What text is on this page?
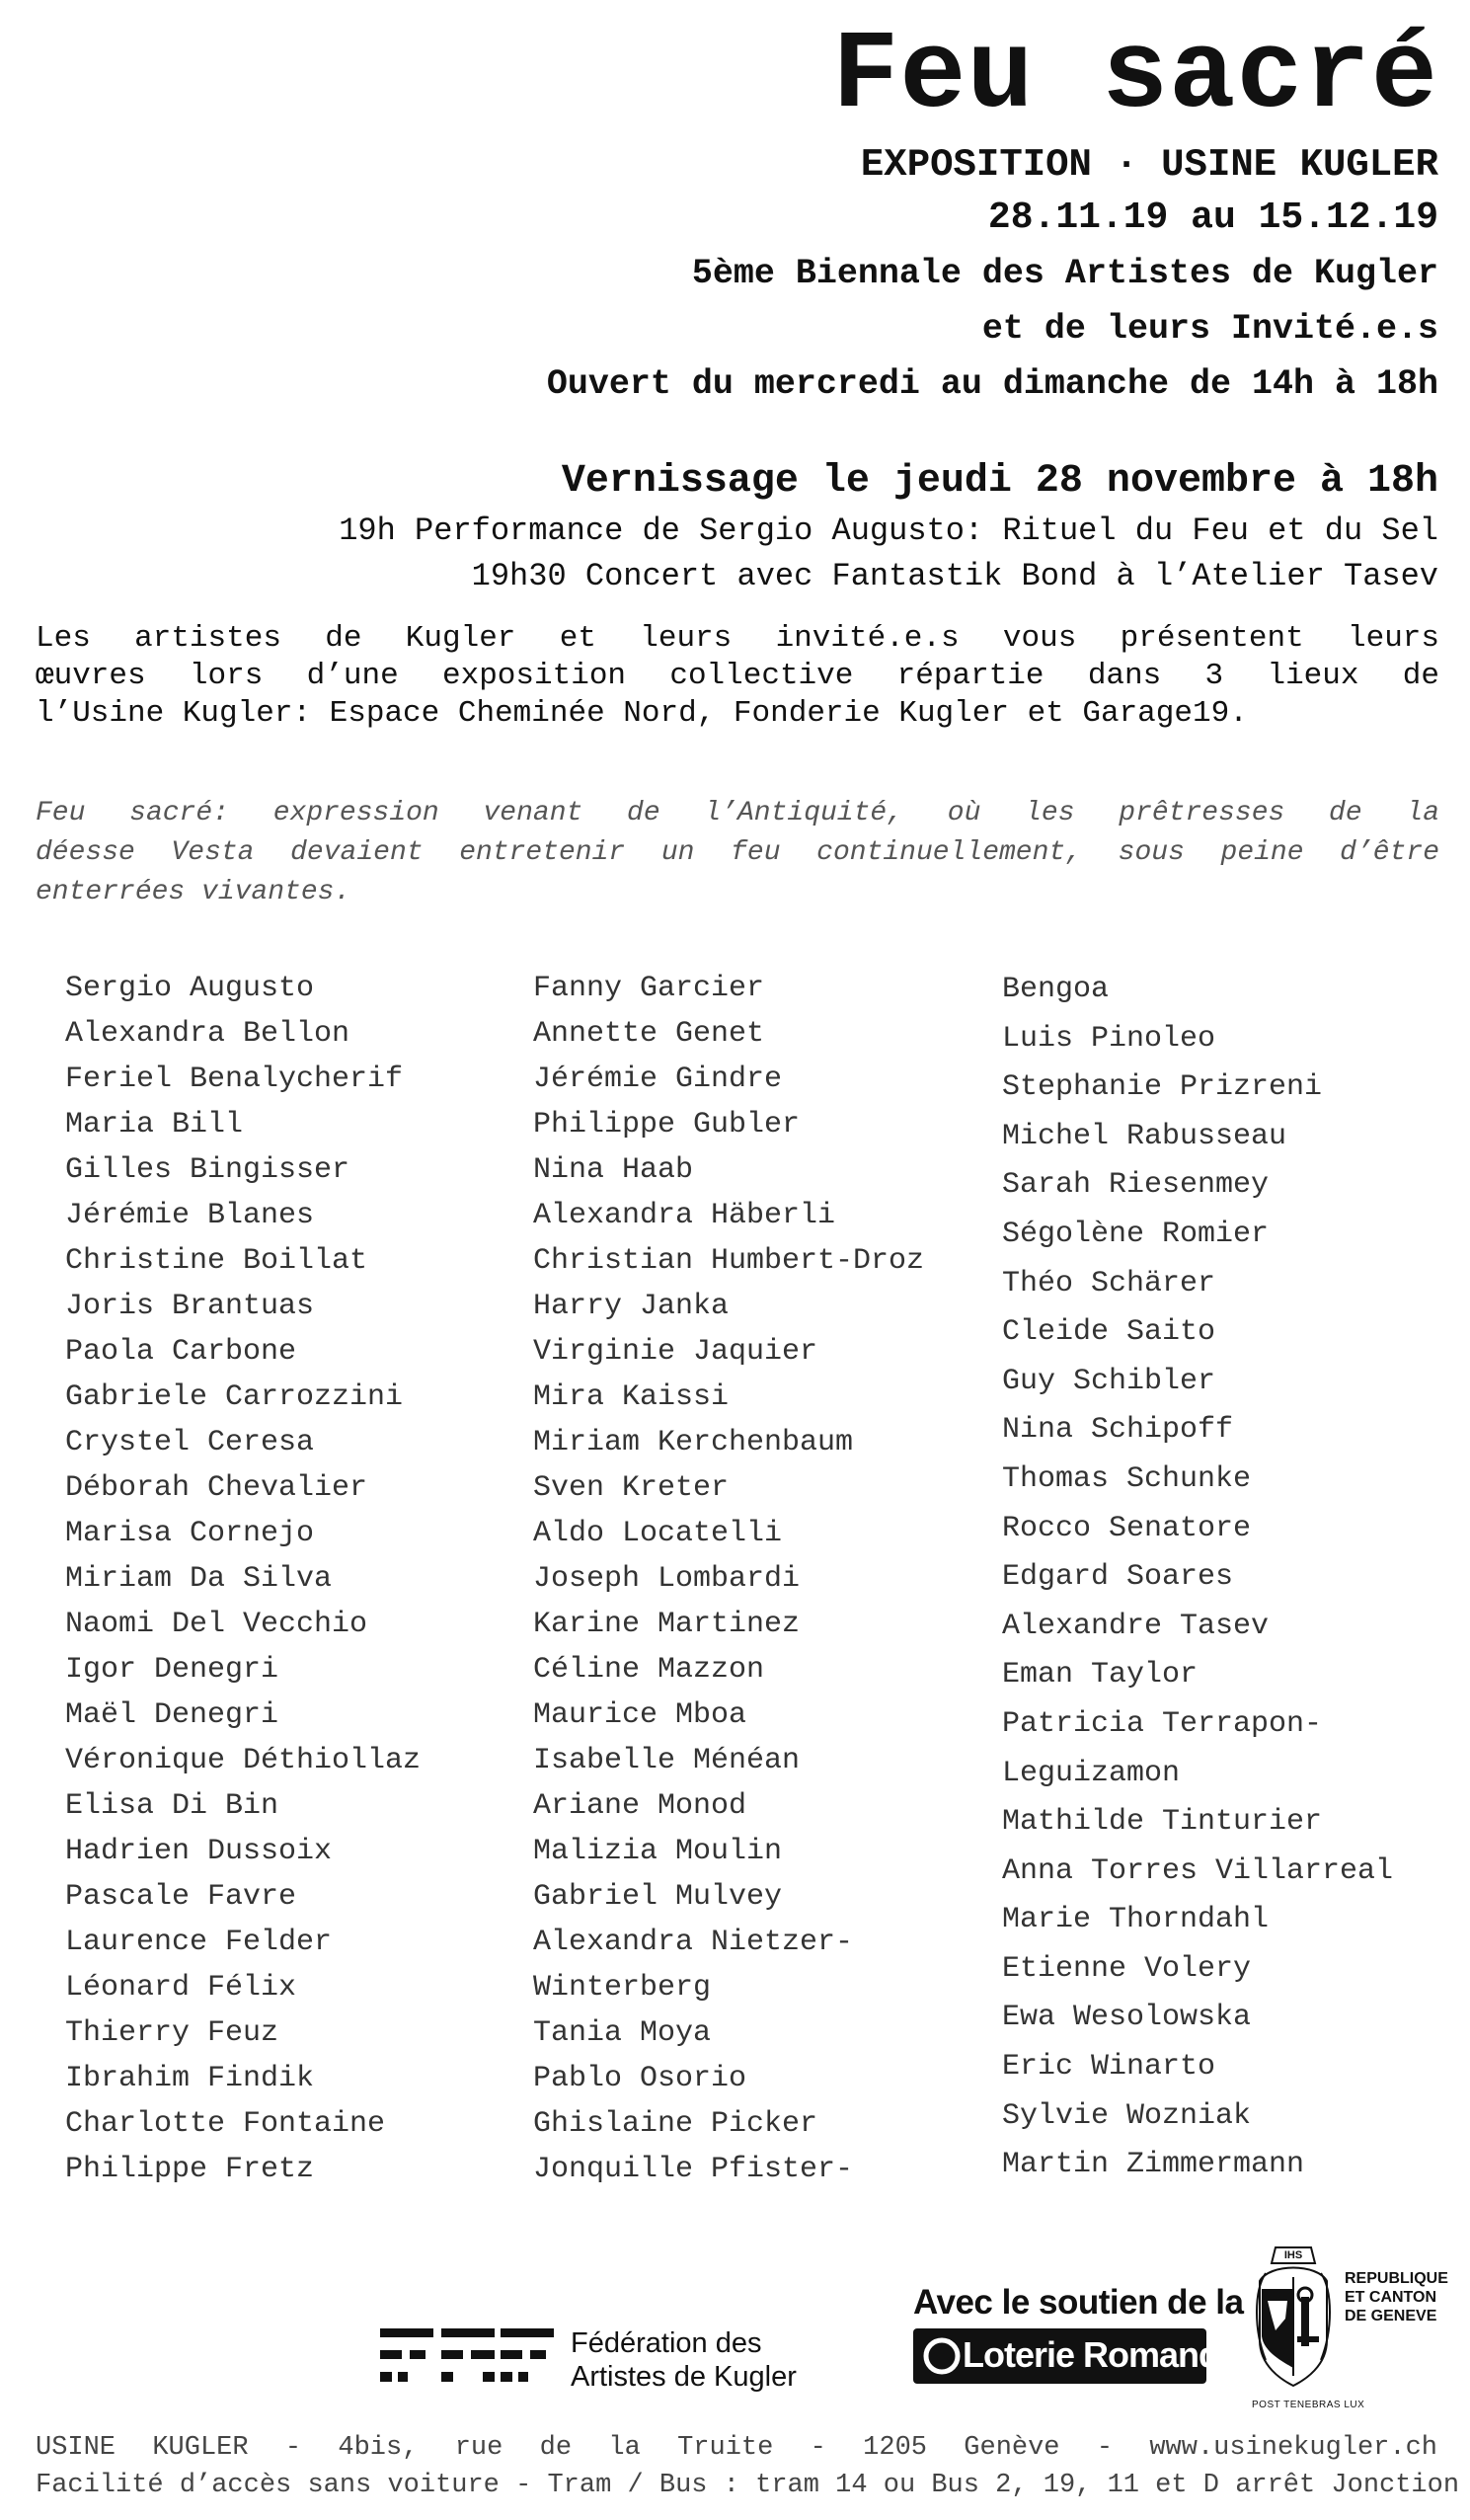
Feu sacré
EXPOSITION · USINE KUGLER
28.11.19 au 15.12.19
5ème Biennale des Artistes de Kugler
et de leurs Invité.e.s
Ouvert du mercredi au dimanche de 14h à 18h
Vernissage le jeudi 28 novembre à 18h
19h Performance de Sergio Augusto: Rituel du Feu et du Sel
19h30 Concert avec Fantastik Bond à l’Atelier Tasev
Les artistes de Kugler et leurs invité.e.s vous présentent leurs
œuvres lors d’une exposition collective répartie dans 3 lieux de
l’Usine Kugler: Espace Cheminée Nord, Fonderie Kugler et Garage19.
Feu sacré: expression venant de l’Antiquité, où les prêtresses de la
déesse Vesta devaient entretenir un feu continuellement, sous peine d’être
enterrées vivantes.
Sergio Augusto
Alexandra Bellon
Feriel Benalycherif
Maria Bill
Gilles Bingisser
Jérémie Blanes
Christine Boillat
Joris Brantuas
Paola Carbone
Gabriele Carrozzini
Crystel Ceresa
Déborah Chevalier
Marisa Cornejo
Miriam Da Silva
Naomi Del Vecchio
Igor Denegri
Maël Denegri
Véronique Déthiollaz
Elisa Di Bin
Hadrien Dussoix
Pascale Favre
Laurence Felder
Léonard Félix
Thierry Feuz
Ibrahim Findik
Charlotte Fontaine
Philippe Fretz
Fanny Garcier
Annette Genet
Jérémie Gindre
Philippe Gubler
Nina Haab
Alexandra Häberli
Christian Humbert-Droz
Harry Janka
Virginie Jaquier
Mira Kaissi
Miriam Kerchenbaum
Sven Kreter
Aldo Locatelli
Joseph Lombardi
Karine Martinez
Céline Mazzon
Maurice Mboa
Isabelle Ménéan
Ariane Monod
Malizia Moulin
Gabriel Mulvey
Alexandra Nietzer-
Winterberg
Tania Moya
Pablo Osorio
Ghislaine Picker
Jonquille Pfister-
Bengoa
Luis Pinoleo
Stephanie Prizreni
Michel Rabusseau
Sarah Riesenmey
Ségolène Romier
Théo Schärer
Cleide Saito
Guy Schibler
Nina Schipoff
Thomas Schunke
Rocco Senatore
Edgard Soares
Alexandre Tasev
Eman Taylor
Patricia Terrapon-
Leguizamon
Mathilde Tinturier
Anna Torres Villarreal
Marie Thorndahl
Etienne Volery
Ewa Wesolowska
Eric Winarto
Sylvie Wozniak
Martin Zimmermann
Fédération des
Artistes de Kugler
Avec le soutien de la
Loterie Romande
IHS
REPUBLIQUE
ET CANTON
DE GENEVE
POST TENEBRAS LUX
USINE KUGLER - 4bis, rue de la Truite - 1205 Genève - www.usinekugler.ch
Facilité d’accès sans voiture - Tram / Bus : tram 14 ou Bus 2, 19, 11 et D arrêt Jonction
